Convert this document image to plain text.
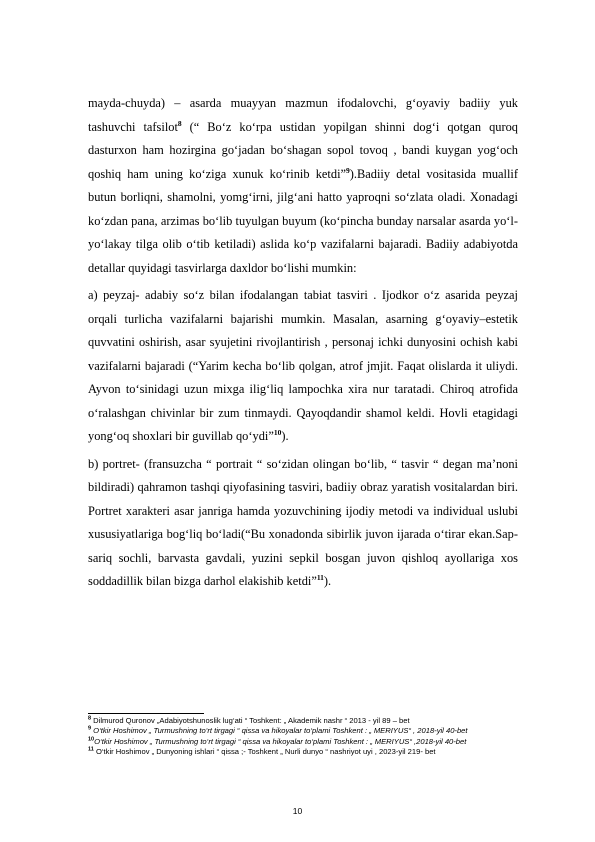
mayda-chuyda) – asarda muayyan mazmun ifodalovchi, g‘oyaviy badiiy yuk tashuvchi tafsilot$^8$ (“ Bo‘z ko‘rpa ustidan yopilgan shinni dog‘i qotgan quroq dasturxon ham hozirgina go‘jadan bo‘shagan sopol tovoq , bandi kuygan yog‘och qoshiq ham uning ko‘ziga xunuk ko‘rinib ketdi”$^9$).Badiiy detal vositasida muallif butun borliqni, shamolni, yomg‘irni, jilg‘ani hatto yaproqni so‘zlata oladi. Xonadagi ko‘zdan pana, arzimas bo‘lib tuyulgan buyum (ko‘pincha bunday narsalar asarda yo‘l-yo‘lakay tilga olib o‘tib ketiladi) aslida ko‘p vazifalarni bajaradi. Badiiy adabiyotda detallar quyidagi tasvirlarga daxldor bo‘lishi mumkin:

a) peyzaj- adabiy so‘z bilan ifodalangan tabiat tasviri . Ijodkor o‘z asarida peyzaj orqali turlicha vazifalarni bajarishi mumkin. Masalan, asarning g‘oyaviy–estetik quvvatini oshirish, asar syujetini rivojlantirish , personaj ichki dunyosini ochish kabi vazifalarni bajaradi (“Yarim kecha bo‘lib qolgan, atrof jmjit. Faqat olislarda it uliydi. Ayvon to‘sinidagi uzun mixga ilig‘liq lampochka xira nur taratadi. Chiroq atrofida o‘ralashgan chivinlar bir zum tinmaydi. Qayoqdandir shamol keldi. Hovli etagidagi yong‘oq shoxlari bir guvillab qo‘ydi”$^{10}$).

b) portret- (fransuzcha “ portrait “ so‘zidan olingan bo‘lib, “ tasvir “ degan ma’noni bildiradi) qahramon tashqi qiyofasining tasviri, badiiy obraz yaratish vositalardan biri. Portret xarakteri asar janriga hamda yozuvchining ijodiy metodi va individual uslubi xususiyatlariga bog‘liq bo‘ladi(“Bu xonadonda sibirlik juvon ijarada o‘tirar ekan.Sap- sariq sochli, barvasta gavdali, yuzini sepkil bosgan juvon qishloq ayollariga xos soddadillik bilan bizga darhol elakishib ketdi”$^{11}$).

$^8$ Dilmurod Quronov „Adabiyotshunoslik lug‘ati “ Toshkent: „ Akademik nashr “ 2013 - yil 89 – bet

$^9$ O‘tkir Hoshimov „ Turmushning to‘rt tirgagi “ qissa va hikoyalar to‘plami Toshkent : „ MERIYUS“ , 2018-yil 40-bet

$^{10}$O‘tkir Hoshimov „ Turmushning to‘rt tirgagi “ qissa va hikoyalar to‘plami Toshkent : „ MERIYUS“ ,2018-yil 40-bet

$^{11}$ O‘tkir Hoshimov „ Dunyoning ishlari “ qissa ;- Toshkent „ Nurli dunyo “ nashriyot uyi , 2023-yil 219- bet

10
